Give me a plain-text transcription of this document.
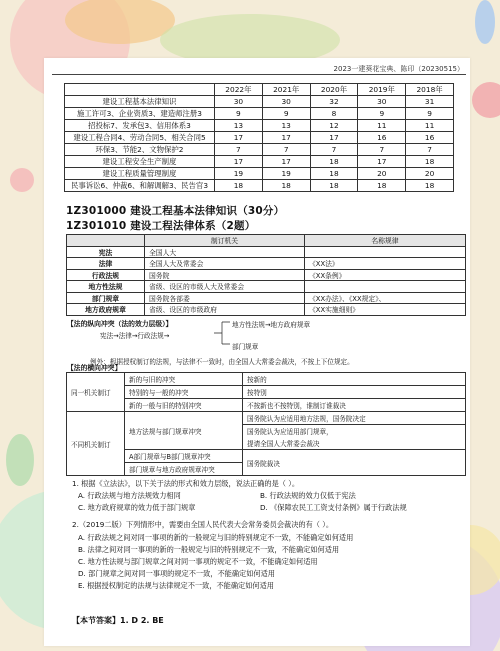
2023一建葵花宝典、陈印（20230515）
	2022年	2021年	2020年	2019年	2018年
建设工程基本法律知识	30	30	32	30	31
施工许可3、企业资质3、建造师注册3	9	9	8	9	9
招投标7、发承包3、信用体系3	13	13	12	11	11
建设工程合同4、劳动合同5、相关合同5	17	17	17	16	16
环保3、节能2、文物保护2	7	7	7	7	7
建设工程安全生产制度	17	17	18	17	18
建设工程质量管理制度	19	19	18	20	20
民事诉讼6、仲裁6、和解调解3、民告官3	18	18	18	18	18
1Z301000 建设工程基本法律知识（30分）
1Z301010 建设工程法律体系（2题）
	制订机关	名称规律
宪法	全国人大	
法律	全国人大及常委会	《XX法》
行政法规	国务院	《XX条例》
地方性法规	省级、设区的市级人大及常委会	
部门规章	国务院各部委	《XX办法》、《XX规定》、
地方政府规章	省级、设区的市级政府	《XX实施细则》
【法的纵向冲突（法的效力层级）】
宪法→法律→行政法规→
地方性法规→地方政府规章
部门规章
例外：根据授权制订的法规，与法律不一致时，由全国人大常委会裁决，不按上下位规定。
【法的横向冲突】
同一机关制订	新的与旧的冲突	按新的
	特别的与一般的冲突	按特别
	新的一般与旧的特别冲突	不按新也不按特别，谁制订谁裁决
不同机关制订	地方法规与部门规章冲突	国务院认为应适用地方法规，国务院决定
		国务院认为应适用部门规章，
		提请全国人大常委会裁决
	A部门规章与B部门规章冲突	国务院裁决
	部门规章与地方政府规章冲突	
1. 根据《立法法》，以下关于法的形式和效力层级，说法正确的是（ ）。
A. 行政法规与地方法规效力相同	B. 行政法规的效力仅低于宪法
C. 地方政府规章的效力低于部门规章	D. 《保障农民工工资支付条例》属于行政法规
2.（2019二版）下列情形中，需要由全国人民代表大会常务委员会裁决的有（ ）。
A. 行政法规之间对同一事项的新的一般规定与旧的特别规定不一致，不能确定如何适用
B. 法律之间对同一事项的新的一般规定与旧的特别规定不一致，不能确定如何适用
C. 地方性法规与部门规章之间对同一事项的规定不一致，不能确定如何适用
D. 部门规章之间对同一事项的规定不一致，不能确定如何适用
E. 根据授权制定的法规与法律规定不一致，不能确定如何适用
【本节答案】1. D 2. BE
